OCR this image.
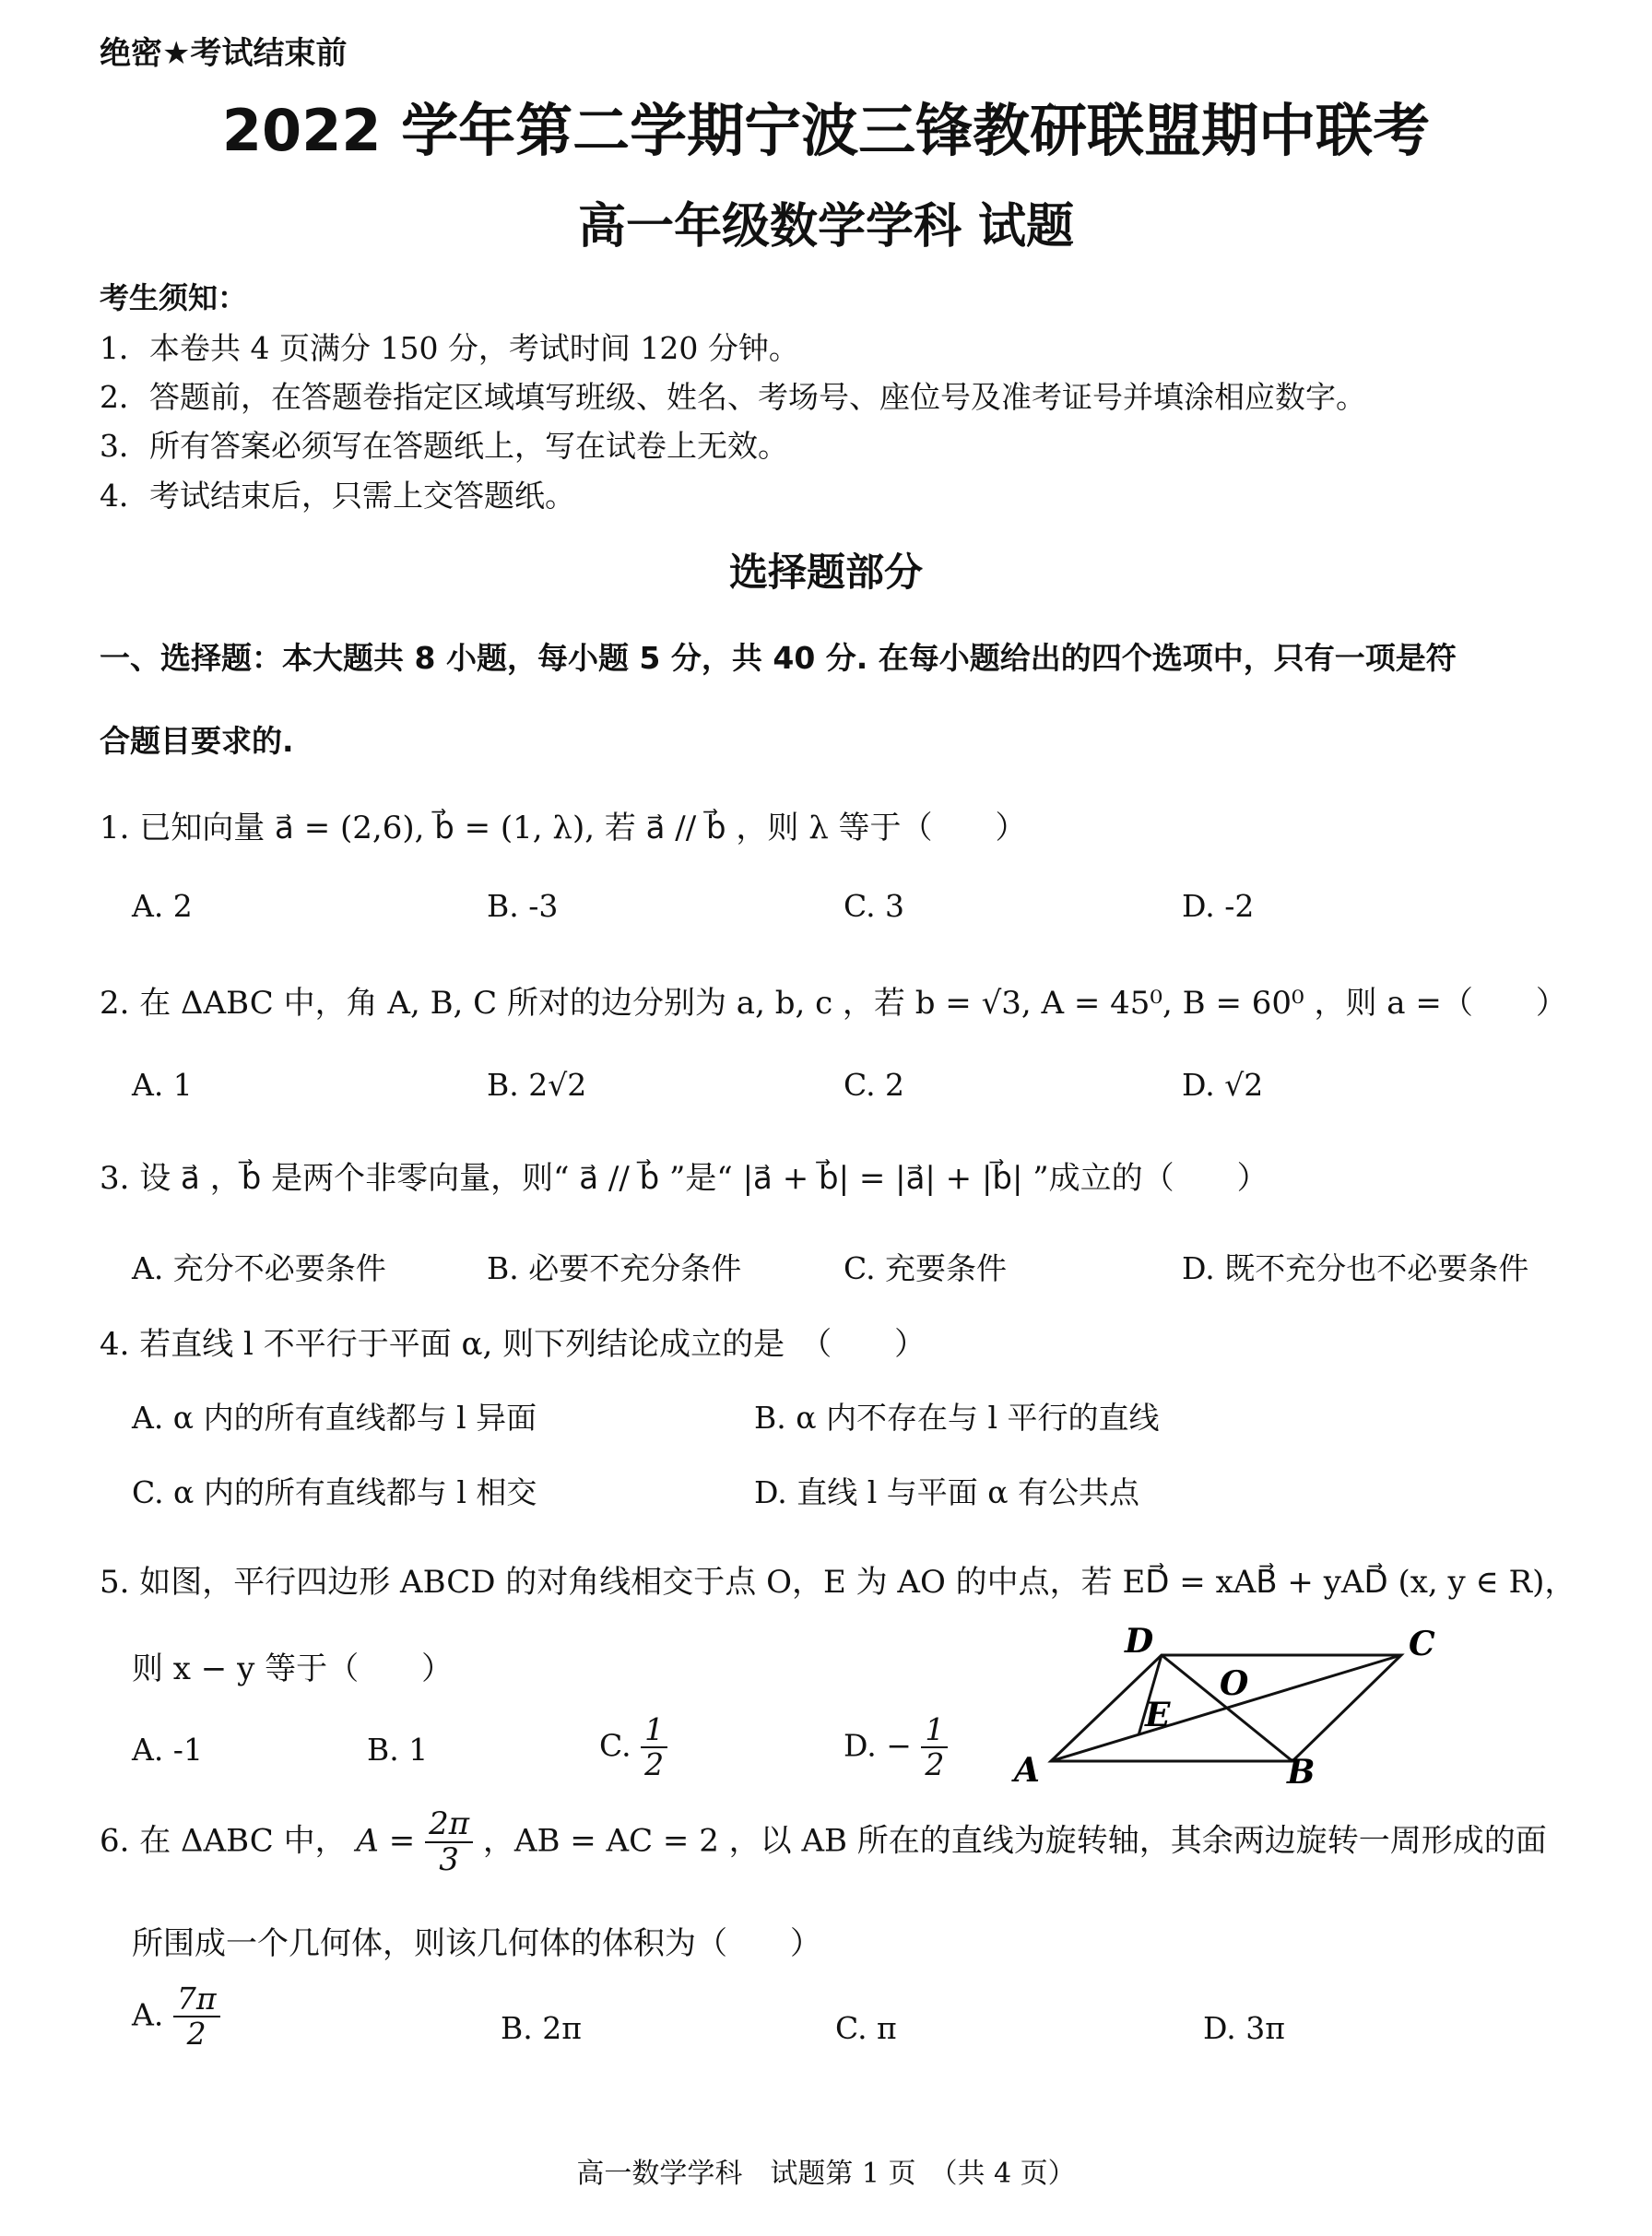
绝密★考试结束前
2022 学年第二学期宁波三锋教研联盟期中联考
高一年级数学学科 试题
考生须知：
1．本卷共 4 页满分 150 分，考试时间 120 分钟。
2．答题前，在答题卷指定区域填写班级、姓名、考场号、座位号及准考证号并填涂相应数字。
3．所有答案必须写在答题纸上，写在试卷上无效。
4．考试结束后，只需上交答题纸。
选择题部分
一、选择题：本大题共 8 小题，每小题 5 分，共 40 分. 在每小题给出的四个选项中，只有一项是符
合题目要求的.
1. 已知向量 a⃗ = (2,6), b⃗ = (1, λ), 若 a⃗ // b⃗ ，则 λ 等于（　　）
A. 2	B. -3	C. 3	D. -2
2. 在 ΔABC 中，角 A, B, C 所对的边分别为 a, b, c ，若 b = √3, A = 45⁰, B = 60⁰ ，则 a =（　　）
A. 1	B. 2√2	C. 2	D. √2
3. 设 a⃗ ，b⃗ 是两个非零向量，则“ a⃗ // b⃗ ”是“ |a⃗ + b⃗| = |a⃗| + |b⃗| ”成立的（　　）
A. 充分不必要条件	B. 必要不充分条件	C. 充要条件	D. 既不充分也不必要条件
4. 若直线 l 不平行于平面 α, 则下列结论成立的是　（　　）
A. α 内的所有直线都与 l 异面	B. α 内不存在与 l 平行的直线
C. α 内的所有直线都与 l 相交	D. 直线 l 与平面 α 有公共点
5. 如图，平行四边形 ABCD 的对角线相交于点 O，E 为 AO 的中点，若 ED⃗ = xAB⃗ + yAD⃗ (x, y ∈ R)，
则 x − y 等于（　　）
A. -1	B. 1	C. $\frac{1}{2}$	D. − $\frac{1}{2}$
D	C
O
E
A	B
6. 在 ΔABC 中， $A = \frac{2\pi}{3}$ ，AB = AC = 2 ，以 AB 所在的直线为旋转轴，其余两边旋转一周形成的面
所围成一个几何体，则该几何体的体积为（　　）
A. $\frac{7\pi}{2}$	B. 2π	C. π	D. 3π
高一数学学科　试题第 1 页　（共 4 页）
